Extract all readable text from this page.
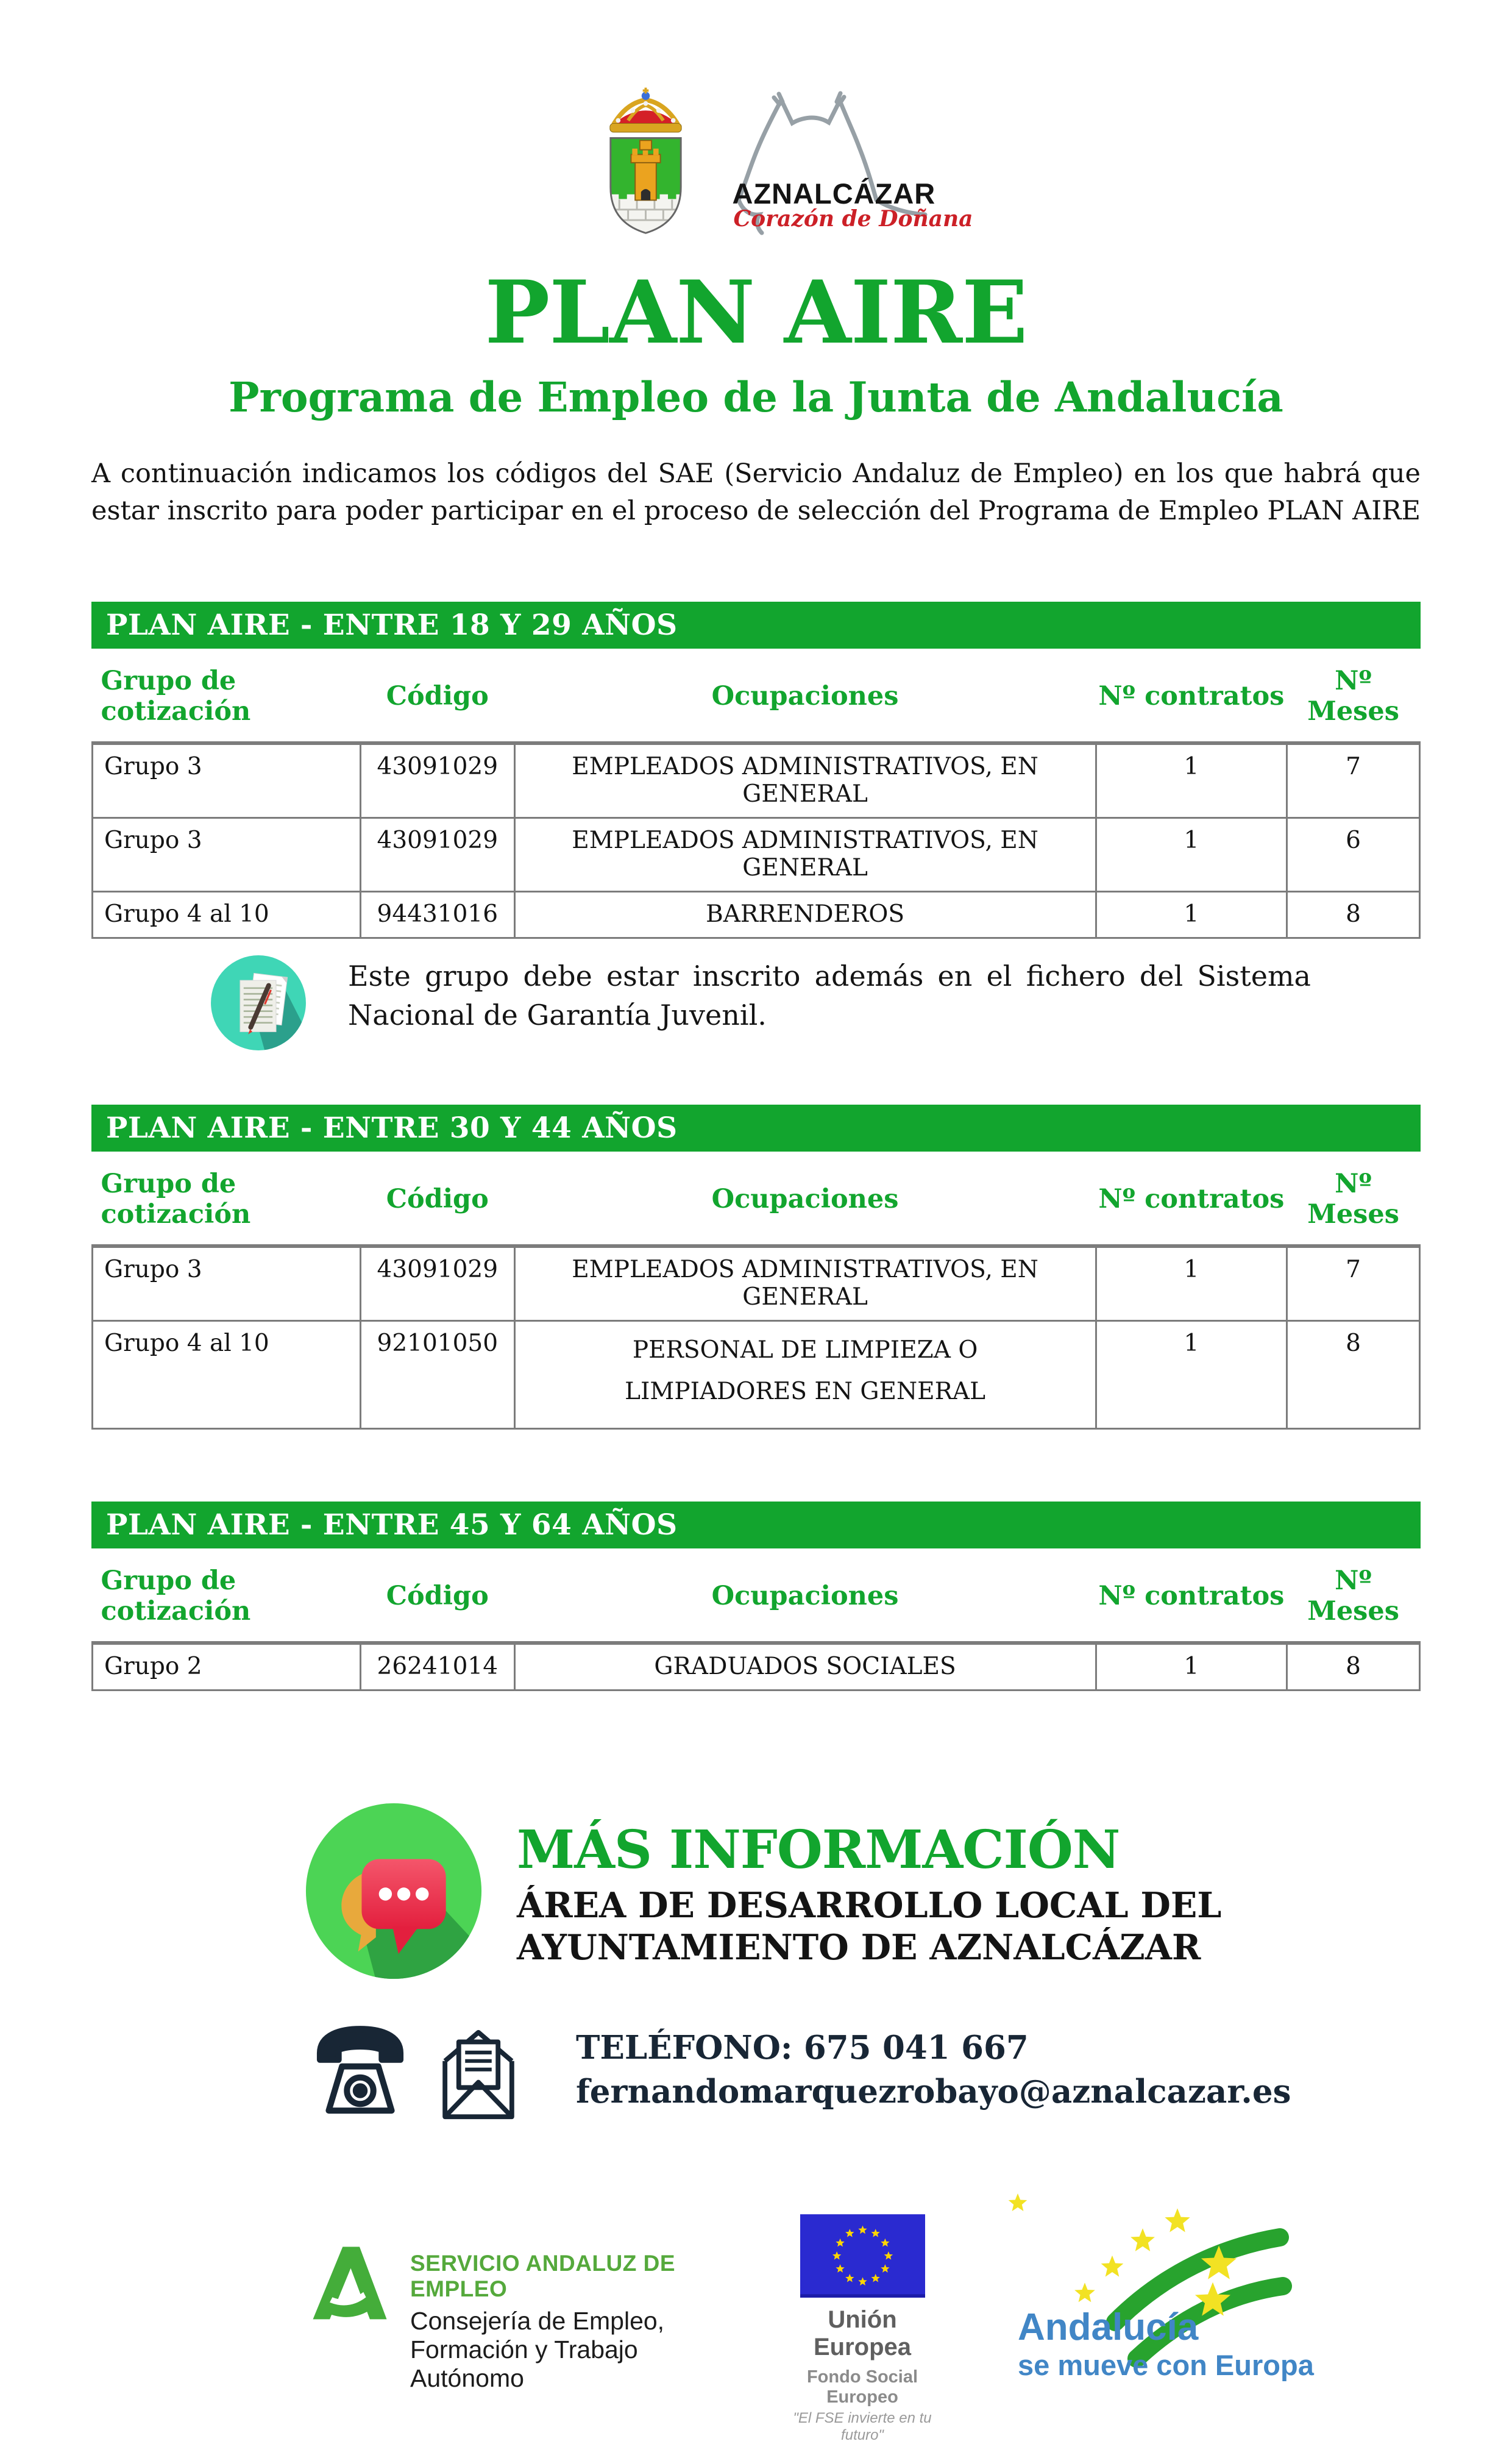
AZNALCÁZAR
Corazón de Doñana
PLAN AIRE
Programa de Empleo de la Junta de Andalucía

A continuación indicamos los códigos del SAE (Servicio Andaluz de Empleo) en los que habrá que estar inscrito para poder participar en el proceso de selección del Programa de Empleo PLAN AIRE

PLAN AIRE - ENTRE 18 Y 29 AÑOS
Grupo de cotización	Código	Ocupaciones	Nº contratos	Nº Meses
Grupo 3	43091029	EMPLEADOS ADMINISTRATIVOS, EN GENERAL	1	7
Grupo 3	43091029	EMPLEADOS ADMINISTRATIVOS, EN GENERAL	1	6
Grupo 4 al 10	94431016	BARRENDEROS	1	8

Este grupo debe estar inscrito además en el fichero del Sistema Nacional de Garantía Juvenil.

PLAN AIRE - ENTRE 30 Y 44 AÑOS
Grupo de cotización	Código	Ocupaciones	Nº contratos	Nº Meses
Grupo 3	43091029	EMPLEADOS ADMINISTRATIVOS, EN GENERAL	1	7
Grupo 4 al 10	92101050	PERSONAL DE LIMPIEZA O LIMPIADORES EN GENERAL	1	8
PLAN AIRE - ENTRE 45 Y 64 AÑOS
Grupo de cotización	Código	Ocupaciones	Nº contratos	Nº Meses
Grupo 2	26241014	GRADUADOS SOCIALES	1	8
MÁS INFORMACIÓN
ÁREA DE DESARROLLO LOCAL DEL
AYUNTAMIENTO DE AZNALCÁZAR
TELÉFONO: 675 041 667
fernandomarquezrobayo@aznalcazar.es
SERVICIO ANDALUZ DE EMPLEO
Consejería de Empleo,
Formación y Trabajo Autónomo
Unión Europea
Fondo Social Europeo
"El FSE invierte en tu futuro"
Andalucía
se mueve con Europa
